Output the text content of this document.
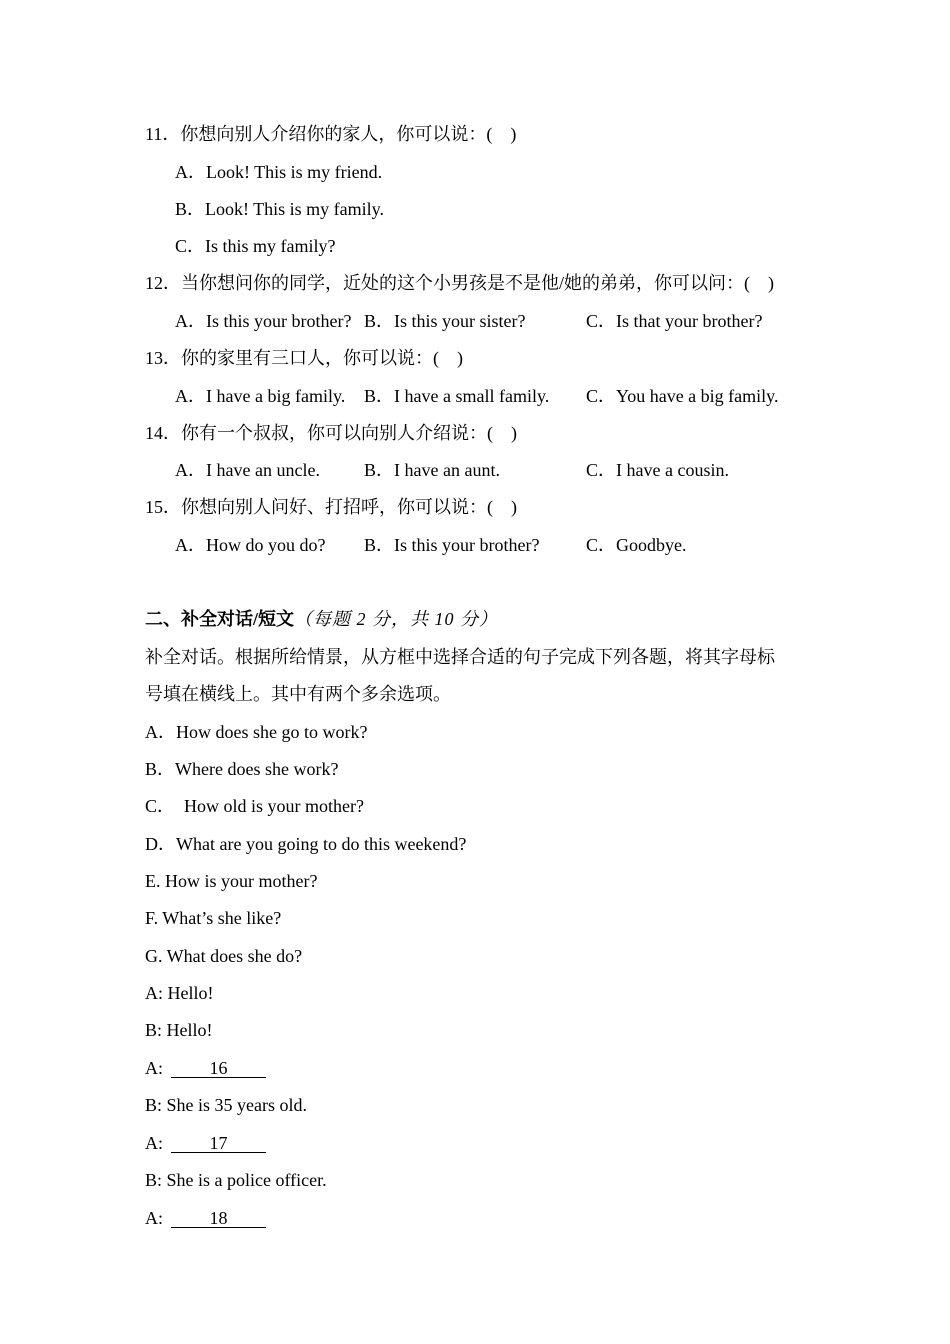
11．你想向别人介绍你的家人，你可以说：(　)
A．Look! This is my friend.
B．Look! This is my family.
C．Is this my family?
12．当你想问你的同学，近处的这个小男孩是不是他/她的弟弟，你可以问：(　)
A．Is this your brother? B．Is this your sister?	C．Is that your brother?
13．你的家里有三口人，你可以说：(　)
A．I have a big family. B．I have a small family. C．You have a big family.
14．你有一个叔叔，你可以向别人介绍说：(　)
A．I have an uncle. B．I have an aunt.	C．I have a cousin.
15．你想向别人问好、打招呼，你可以说：(　)
A．How do you do? B．Is this your brother?	C．Goodbye.
二、补全对话/短文（每题 2 分，共 10 分）
补全对话。根据所给情景，从方框中选择合适的句子完成下列各题，将其字母标
号填在横线上。其中有两个多余选项。
A．How does she go to work?
B．Where does she work?
C．  How old is your mother?
D．What are you going to do this weekend?
E. How is your mother?
F. What’s she like?
G. What does she do?
A: Hello!
B: Hello!
A:	16
B: She is 35 years old.
A:	17
B: She is a police officer.
A:	18
